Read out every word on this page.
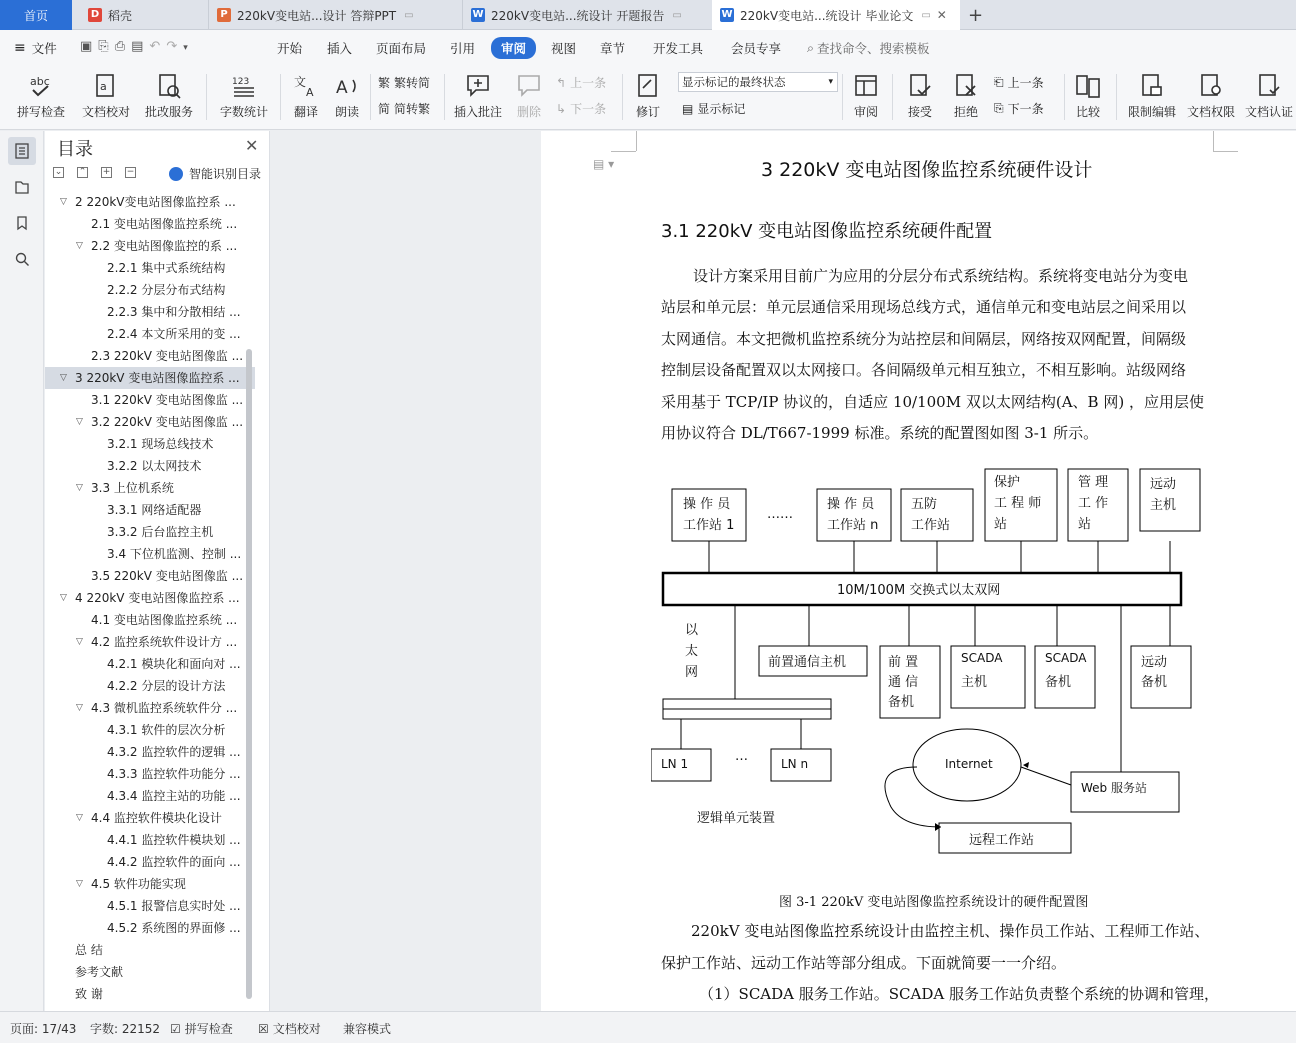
首页	D 稻壳	P 220kV变电站...设计 答辩PPT ▭	W 220kV变电站...统设计 开题报告 ▭	W 220kV变电站...统设计 毕业论文 ▭ ✕ +
≡ 文件 ▣⎘⎙▤↶↷▾	开始 插入 页面布局 引用	审阅	视图 章节 开发工具 会员专享 ⌕ 查找命令、搜索模板
abc
拼写检查
a
文档校对 批改服务
123
字数统计
文
A
翻译
A
朗读
繁 繁转简
简 简转繁 插入批注 删除
↰ 上一条
↳ 下一条 修订
显示标记的最终状态	▾
▤ 显示标记	审阅 接受 拒绝
⎗ 上一条
⎘ 下一条	比较 限制编辑 文档权限 文档认证
目录	✕
⌄ ⌃ + −	智能识别目录
▽ 2 220kV变电站图像监控系 ...
2.1 变电站图像监控系统 ...
▽ 2.2 变电站图像监控的系 ...
2.2.1 集中式系统结构
2.2.2 分层分布式结构
2.2.3 集中和分散相结 ...
2.2.4 本文所采用的变 ...
2.3 220kV 变电站图像监 ...
▽ 3 220kV 变电站图像监控系 ...
3.1 220kV 变电站图像监 ...
▽ 3.2 220kV 变电站图像监 ...
3.2.1 现场总线技术
3.2.2 以太网技术
▽ 3.3 上位机系统
3.3.1 网络适配器
3.3.2 后台监控主机
3.4 下位机监测、控制 ...
3.5 220kV 变电站图像监 ...
▽ 4 220kV 变电站图像监控系 ...
4.1 变电站图像监控系统 ...
▽ 4.2 监控系统软件设计方 ...
4.2.1 模块化和面向对 ...
4.2.2 分层的设计方法
▽ 4.3 微机监控系统软件分 ...
4.3.1 软件的层次分析
4.3.2 监控软件的逻辑 ...
4.3.3 监控软件功能分 ...
4.3.4 监控主站的功能 ...
▽ 4.4 监控软件模块化设计
4.4.1 监控软件模块划 ...
4.4.2 监控软件的面向 ...
▽ 4.5 软件功能实现
4.5.1 报警信息实时处 ...
4.5.2 系统图的界面修 ...
总 结
参考文献
致 谢
▤ ▾	3 220kV 变电站图像监控系统硬件设计
3.1 220kV 变电站图像监控系统硬件配置
设计方案采用目前广为应用的分层分布式系统结构。系统将变电站分为变电
站层和单元层：单元层通信采用现场总线方式，通信单元和变电站层之间采用以
太网通信。本文把微机监控系统分为站控层和间隔层，网络按双网配置，间隔级
控制层设备配置双以太网接口。各间隔级单元相互独立，不相互影响。站级网络
采用基于 TCP/IP 协议的，自适应 10/100M 双以太网结构(A、B 网) ，应用层使
用协议符合 DL/T667-1999 标准。系统的配置图如图 3-1 所示。
操 作 员
工作站 1
……
操 作 员
工作站 n
五防
工作站
保护
工 程 师
站
管 理
工 作
站
远动
主机
10M/100M 交换式以太双网
以
太
网
前置通信主机	前 置
通 信
备机
SCADA
主机
SCADA
备机
远动
备机
LN 1	…	LN n
逻辑单元装置
Internet
Web 服务站
远程工作站
图 3-1 220kV 变电站图像监控系统设计的硬件配置图
220kV 变电站图像监控系统设计由监控主机、操作员工作站、工程师工作站、
保护工作站、远动工作站等部分组成。下面就简要一一介绍。
（1）SCADA 服务工作站。SCADA 服务工作站负责整个系统的协调和管理，
页面: 17/43 字数: 22152 ☑ 拼写检查 ☒ 文档校对 兼容模式
